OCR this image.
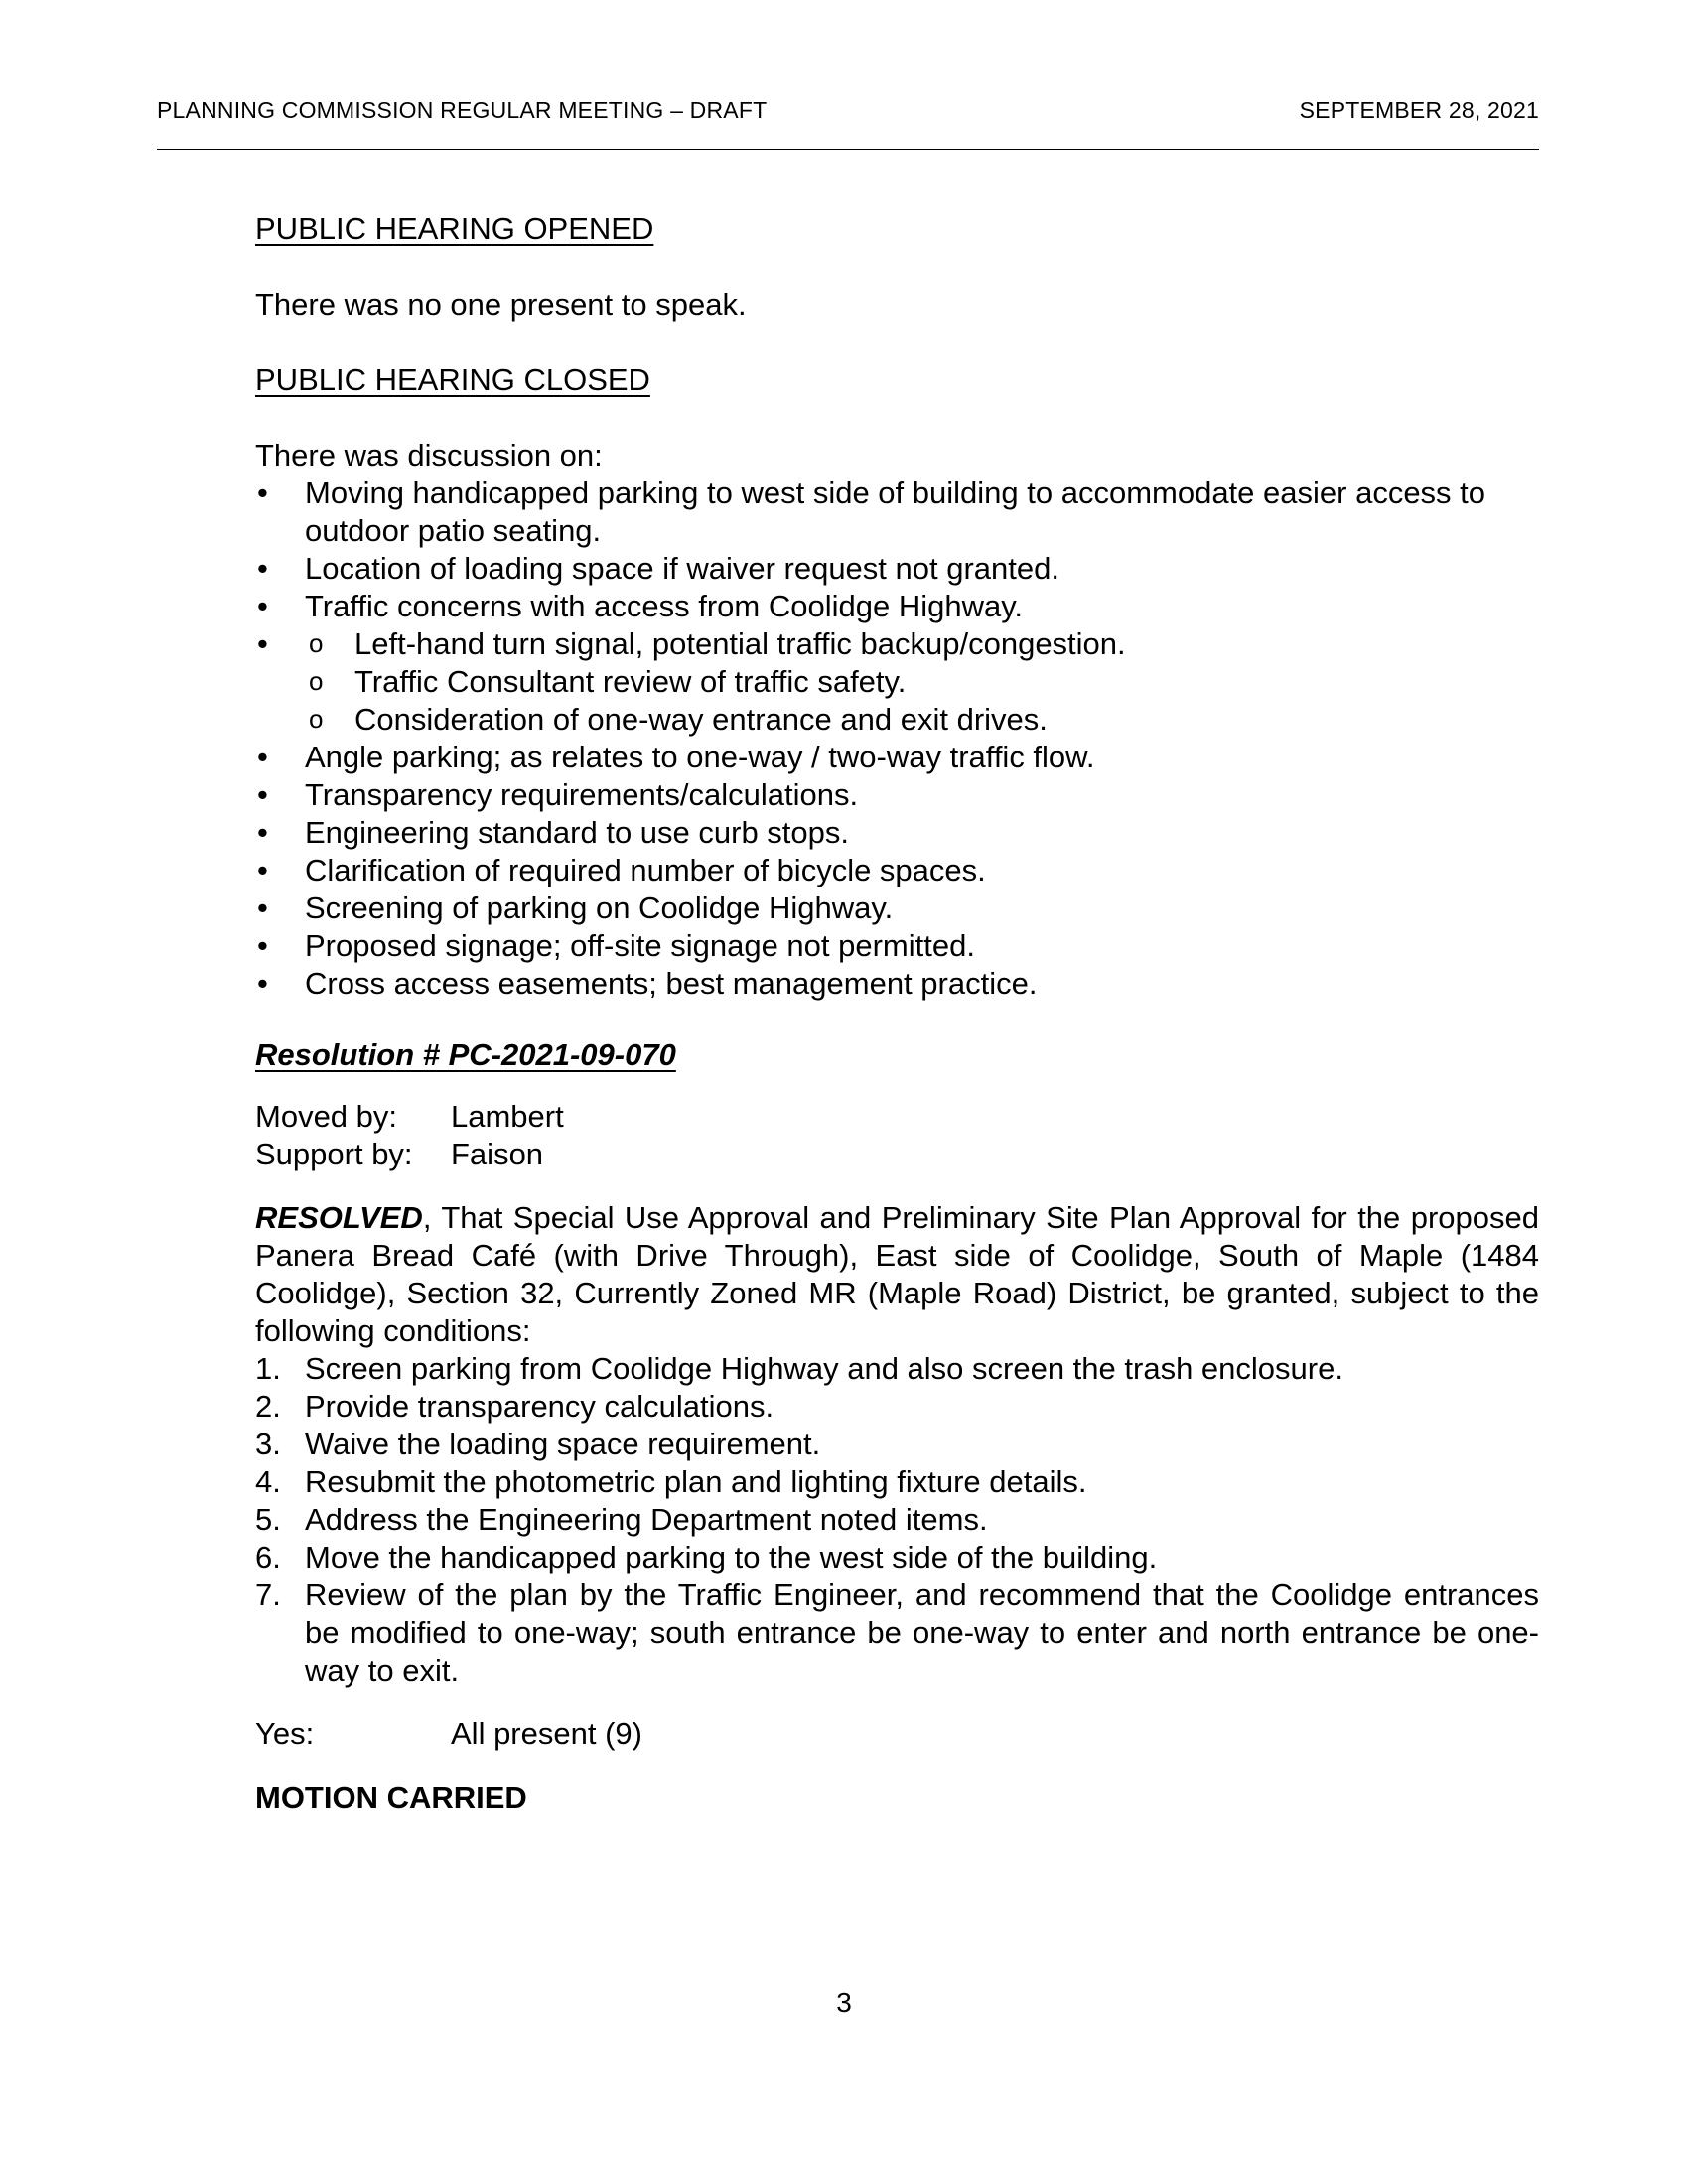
PLANNING COMMISSION REGULAR MEETING – DRAFT	SEPTEMBER 28, 2021

PUBLIC HEARING OPENED

There was no one present to speak.

PUBLIC HEARING CLOSED

There was discussion on:

• Moving handicapped parking to west side of building to accommodate easier access to outdoor patio seating.
• Location of loading space if waiver request not granted.
• Traffic concerns with access from Coolidge Highway.
o • Left-hand turn signal, potential traffic backup/congestion.
o Traffic Consultant review of traffic safety.
o Consideration of one-way entrance and exit drives.
• Angle parking; as relates to one-way / two-way traffic flow.
• Transparency requirements/calculations.
• Engineering standard to use curb stops.
• Clarification of required number of bicycle spaces.
• Screening of parking on Coolidge Highway.
• Proposed signage; off-site signage not permitted.
• Cross access easements; best management practice.

Resolution # PC-2021-09-070

Moved by:	Lambert
Support by:	Faison

RESOLVED, That Special Use Approval and Preliminary Site Plan Approval for the proposed Panera Bread Café (with Drive Through), East side of Coolidge, South of Maple (1484 Coolidge), Section 32, Currently Zoned MR (Maple Road) District, be granted, subject to the following conditions:

1. Screen parking from Coolidge Highway and also screen the trash enclosure.
2. Provide transparency calculations.
3. Waive the loading space requirement.
4. Resubmit the photometric plan and lighting fixture details.
5. Address the Engineering Department noted items.
6. Move the handicapped parking to the west side of the building.
7. Review of the plan by the Traffic Engineer, and recommend that the Coolidge entrances be modified to one-way; south entrance be one-way to enter and north entrance be one-way to exit.
Yes:	All present (9)

MOTION CARRIED

3
